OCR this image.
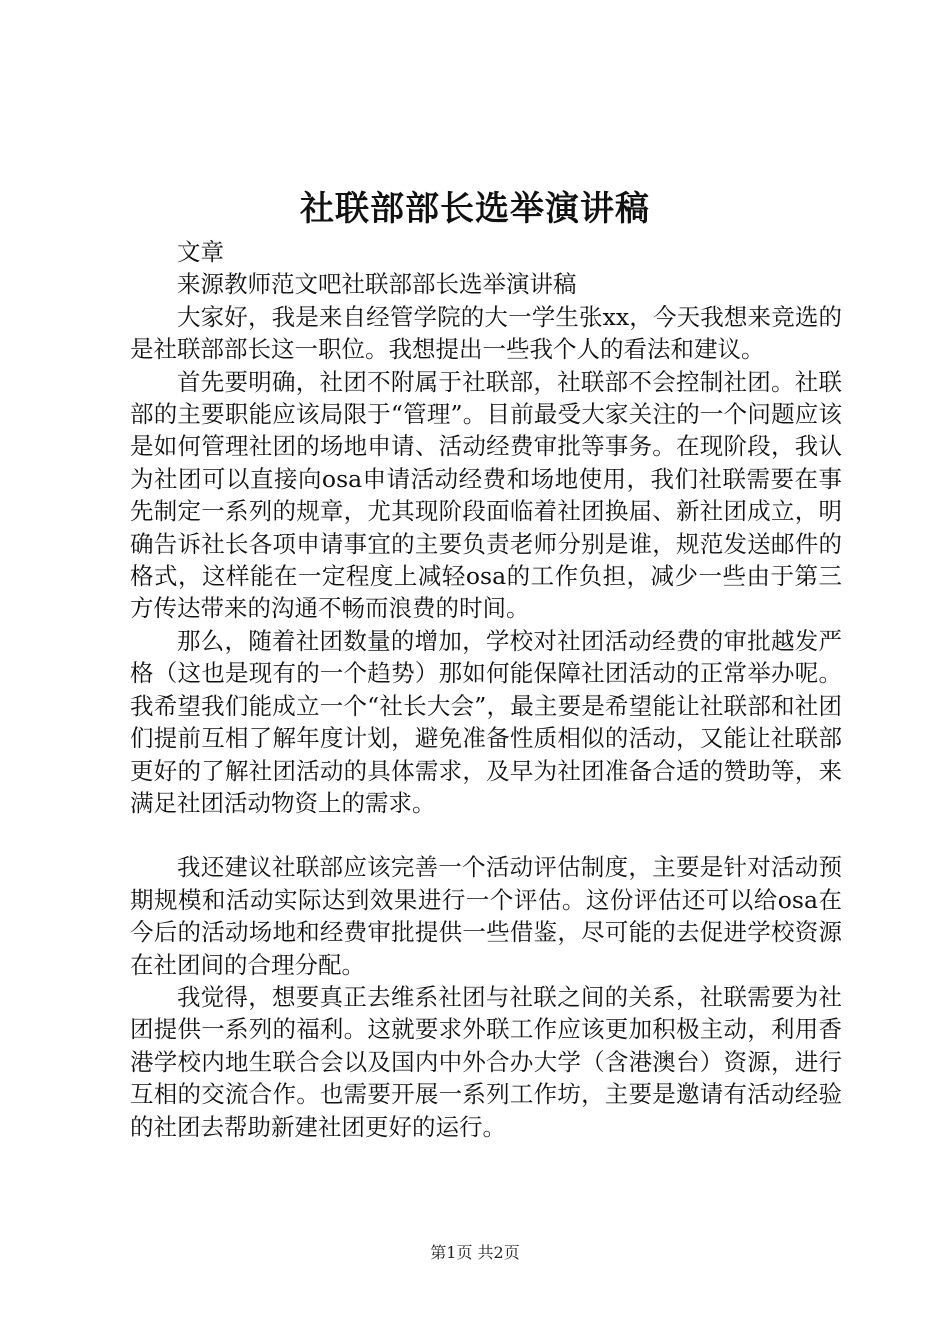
社联部部长选举演讲稿

文章

来源教师范文吧社联部部长选举演讲稿

大家好，我是来自经管学院的大一学生张xx，今天我想来竞选的是社联部部长这一职位。我想提出一些我个人的看法和建议。

首先要明确，社团不附属于社联部，社联部不会控制社团。社联部的主要职能应该局限于“管理”。目前最受大家关注的一个问题应该是如何管理社团的场地申请、活动经费审批等事务。在现阶段，我认为社团可以直接向osa申请活动经费和场地使用，我们社联需要在事先制定一系列的规章，尤其现阶段面临着社团换届、新社团成立，明确告诉社长各项申请事宜的主要负责老师分别是谁，规范发送邮件的格式，这样能在一定程度上减轻osa的工作负担，减少一些由于第三方传达带来的沟通不畅而浪费的时间。

那么，随着社团数量的增加，学校对社团活动经费的审批越发严格（这也是现有的一个趋势）那如何能保障社团活动的正常举办呢。我希望我们能成立一个“社长大会”，最主要是希望能让社联部和社团们提前互相了解年度计划，避免准备性质相似的活动，又能让社联部更好的了解社团活动的具体需求，及早为社团准备合适的赞助等，来满足社团活动物资上的需求。

我还建议社联部应该完善一个活动评估制度，主要是针对活动预期规模和活动实际达到效果进行一个评估。这份评估还可以给osa在今后的活动场地和经费审批提供一些借鉴，尽可能的去促进学校资源在社团间的合理分配。

我觉得，想要真正去维系社团与社联之间的关系，社联需要为社团提供一系列的福利。这就要求外联工作应该更加积极主动，利用香港学校内地生联合会以及国内中外合办大学（含港澳台）资源，进行互相的交流合作。也需要开展一系列工作坊，主要是邀请有活动经验的社团去帮助新建社团更好的运行。

第1页 共2页
